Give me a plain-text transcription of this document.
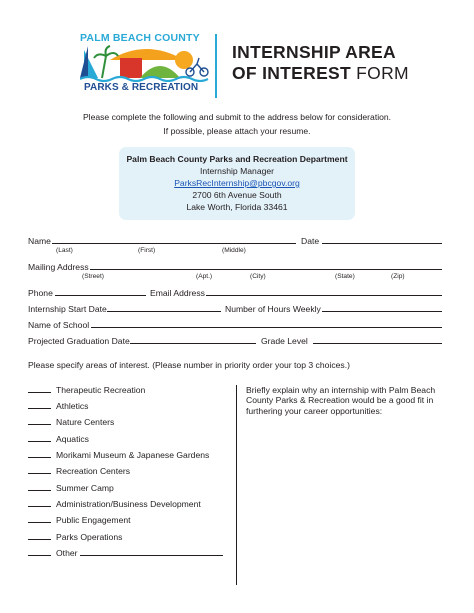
PALM BEACH COUNTY
PARKS & RECREATION
INTERNSHIP AREA
OF INTEREST FORM
Please complete the following and submit to the address below for consideration.
If possible, please attach your resume.
Palm Beach County Parks and Recreation Department
Internship Manager
ParksRecInternship@pbcgov.org
2700 6th Avenue South
Lake Worth, Florida 33461
Name	Date
(Last)	(First)	(Middle)
Mailing Address
(Street)	(Apt.)	(City)	(State)	(Zip)
Phone	Email Address
Internship Start Date	Number of Hours Weekly
Name of School
Projected Graduation Date	Grade Level
Please specify areas of interest. (Please number in priority order your top 3 choices.)
Therapeutic Recreation
Athletics
Nature Centers
Aquatics
Morikami Museum & Japanese Gardens
Recreation Centers
Summer Camp
Administration/Business Development
Public Engagement
Parks Operations
Other
Briefly explain why an internship with Palm Beach County Parks & Recreation would be a good fit in furthering your career opportunities:
